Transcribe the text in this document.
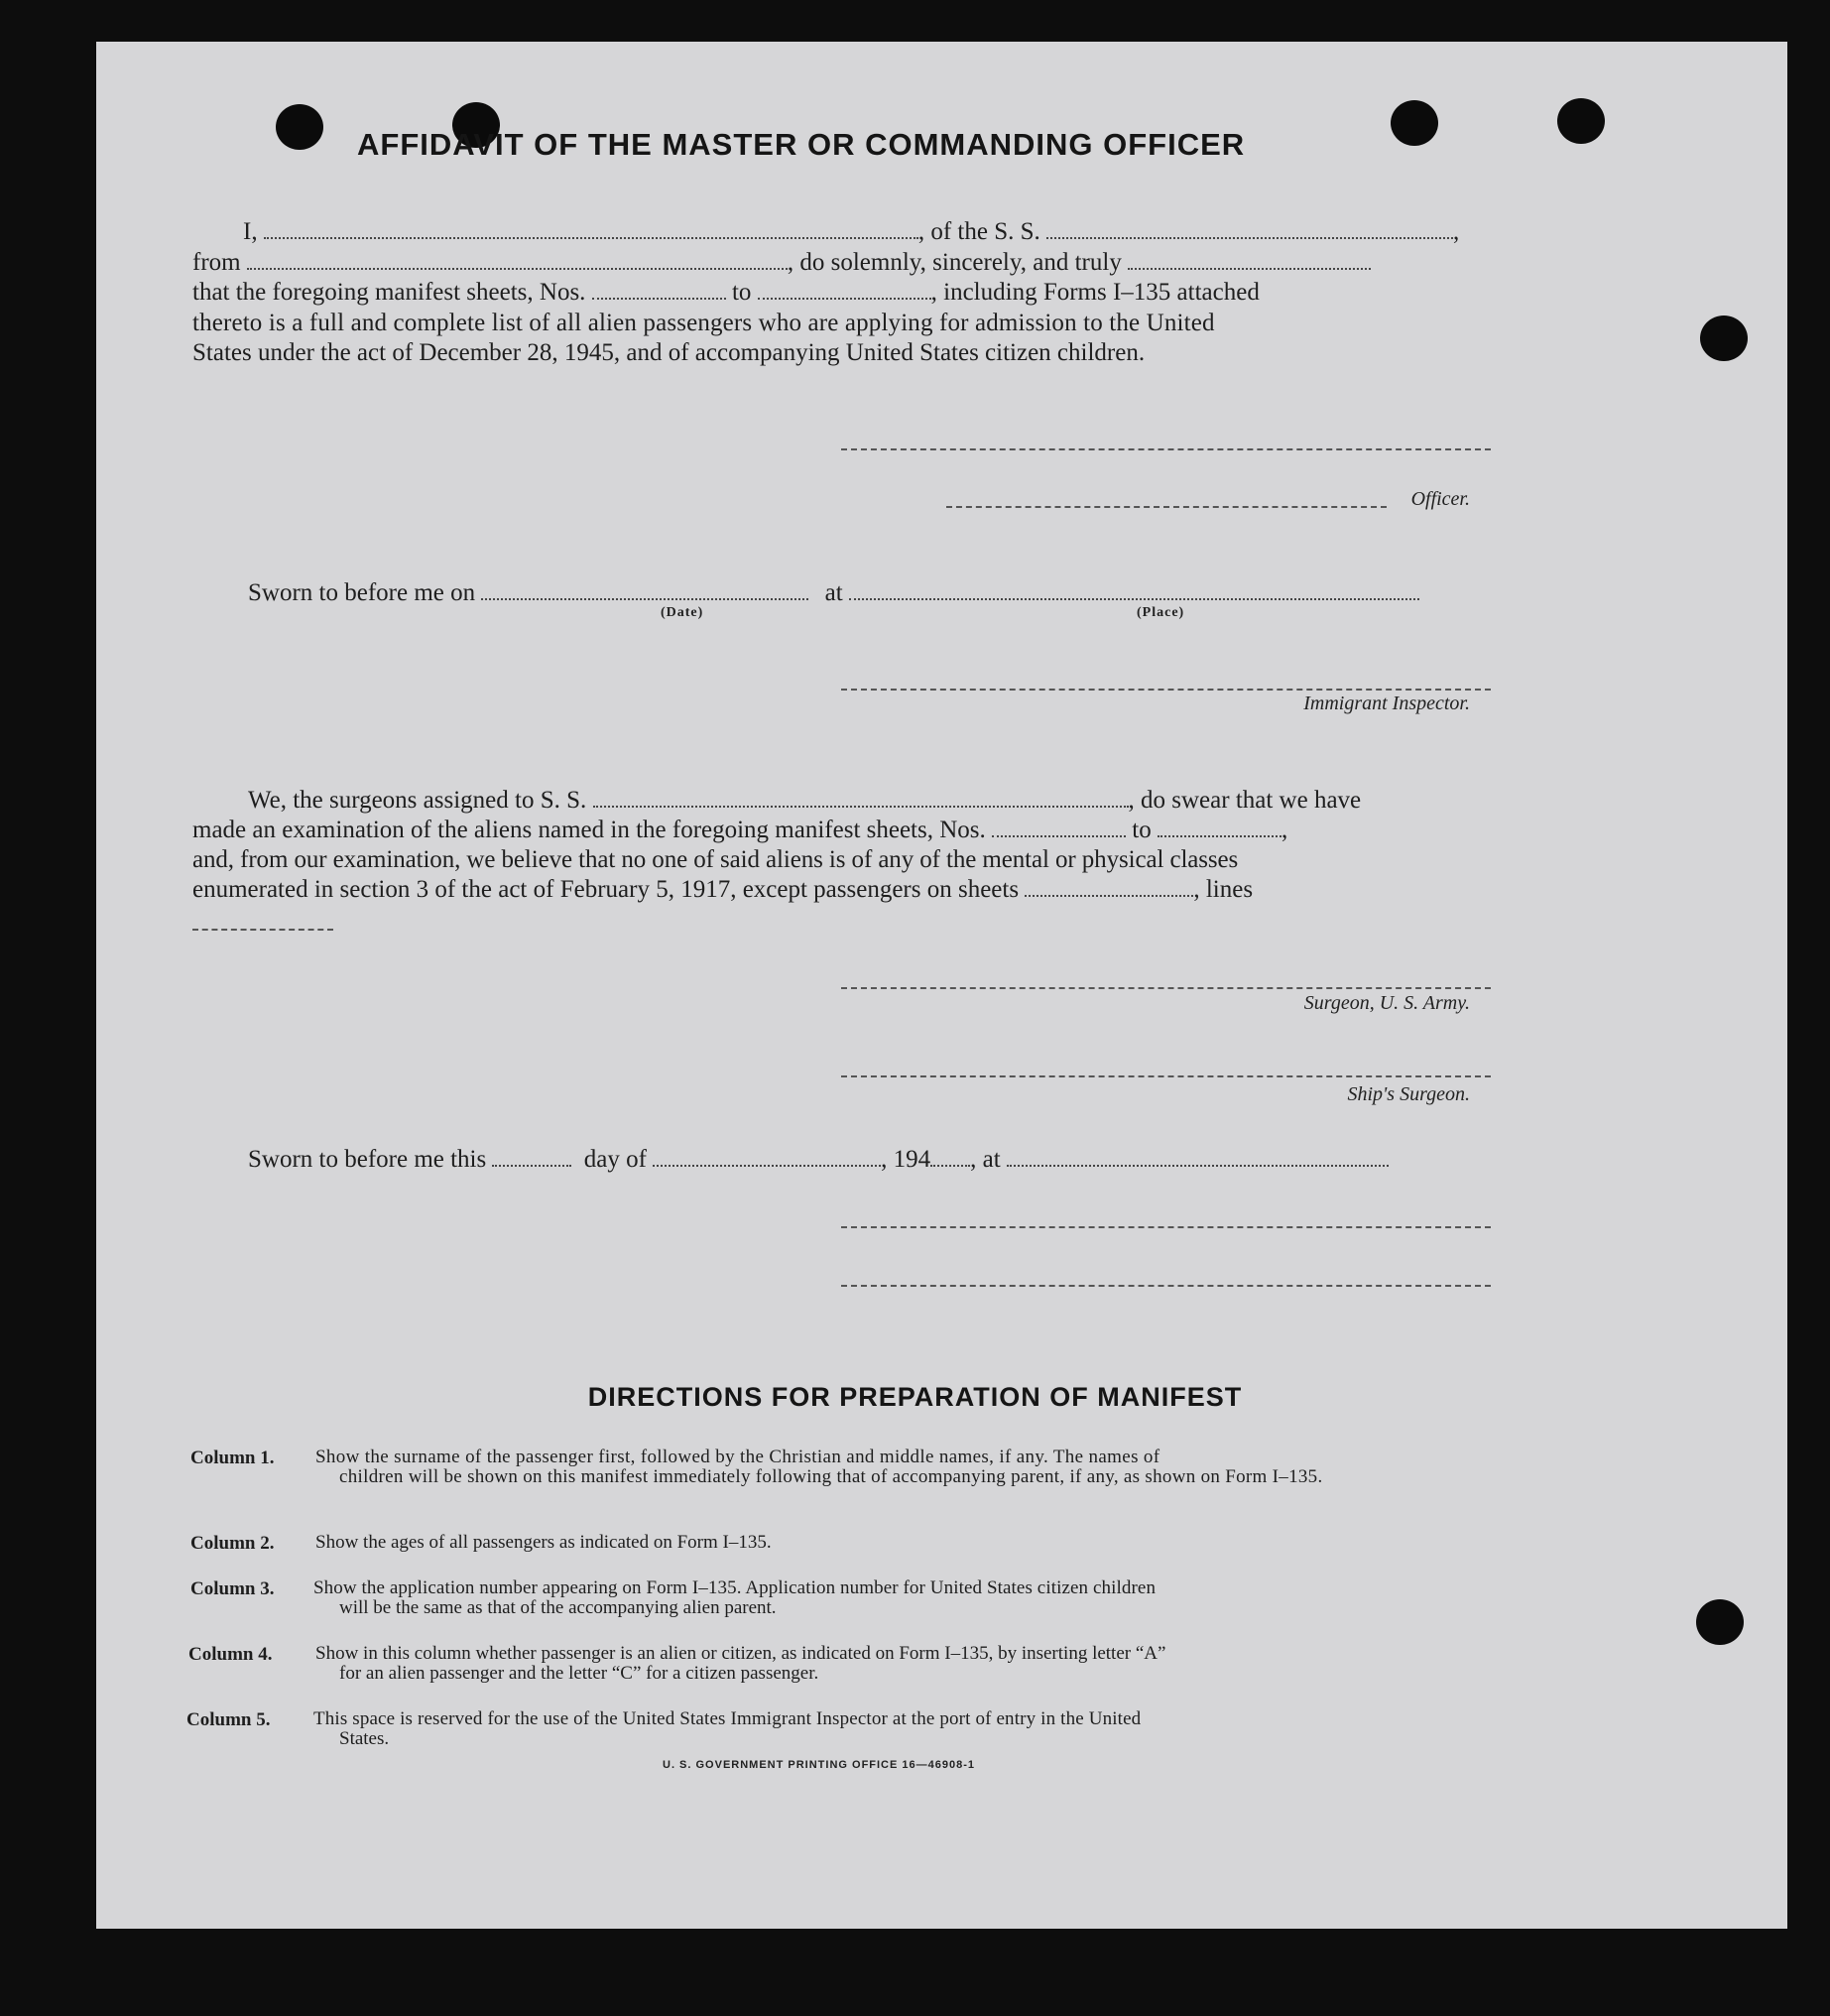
AFFIDAVIT OF THE MASTER OR COMMANDING OFFICER
I,	, of the S. S.	,
from	, do solemnly, sincerely, and truly
that the foregoing manifest sheets, Nos.	to	, including Forms I–135 attached
thereto is a full and complete list of all alien passengers who are applying for admission to the United
States under the act of December 28, 1945, and of accompanying United States citizen children.
Officer.
Sworn to before me on	at
(Date)	(Place)
Immigrant Inspector.
We, the surgeons assigned to S. S.	, do swear that we have
made an examination of the aliens named in the foregoing manifest sheets, Nos.	to	,
and, from our examination, we believe that no one of said aliens is of any of the mental or physical classes
enumerated in section 3 of the act of February 5, 1917, except passengers on sheets	, lines
Surgeon, U. S. Army.
Ship's Surgeon.
Sworn to before me this	day of	, 194 , at
DIRECTIONS FOR PREPARATION OF MANIFEST
Column 1. Show the surname of the passenger first, followed by the Christian and middle names, if any. The names of
children will be shown on this manifest immediately following that of accompanying parent, if any, as shown on Form I–135.
Column 2. Show the ages of all passengers as indicated on Form I–135.
Column 3. Show the application number appearing on Form I–135. Application number for United States citizen children
will be the same as that of the accompanying alien parent.
Column 4. Show in this column whether passenger is an alien or citizen, as indicated on Form I–135, by inserting letter “A”
for an alien passenger and the letter “C” for a citizen passenger.
Column 5. This space is reserved for the use of the United States Immigrant Inspector at the port of entry in the United
States.
U. S. GOVERNMENT PRINTING OFFICE 16—46908-1
